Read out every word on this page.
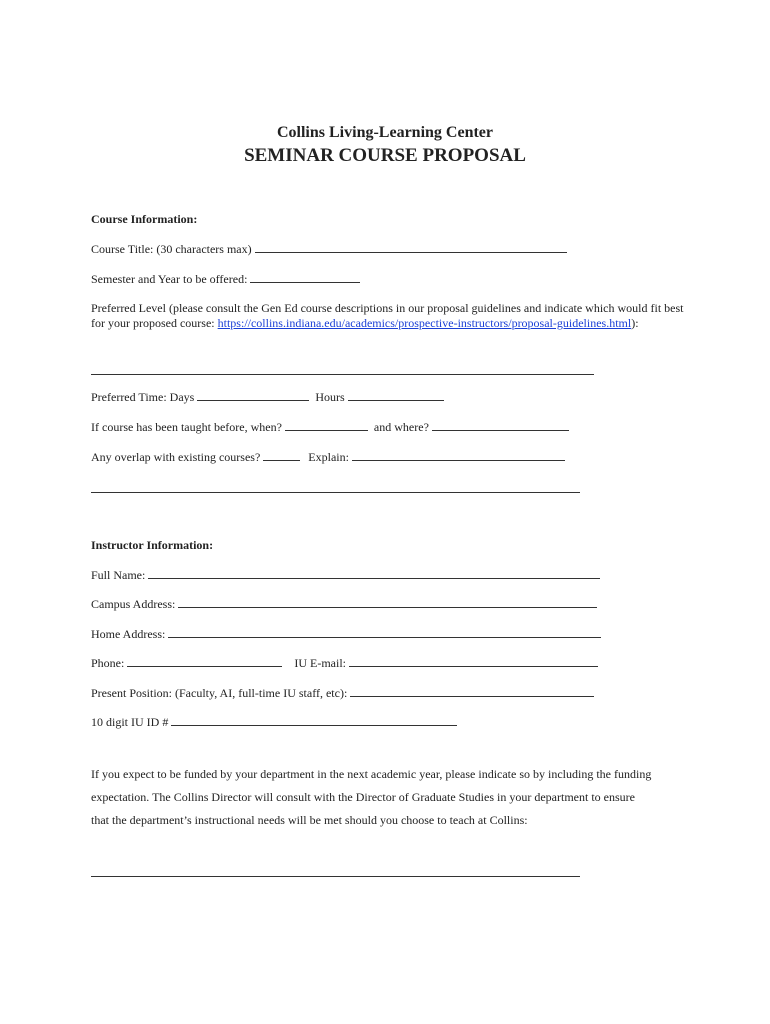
Collins Living-Learning Center
SEMINAR COURSE PROPOSAL
Course Information:
Course Title: (30 characters max)
Semester and Year to be offered:
Preferred Level (please consult the Gen Ed course descriptions in our proposal guidelines and indicate which would fit best for your proposed course: https://collins.indiana.edu/academics/prospective-instructors/proposal-guidelines.html):
Preferred Time: Days	Hours
If course has been taught before, when?	and where?
Any overlap with existing courses?	Explain:
Instructor Information:
Full Name:
Campus Address:
Home Address:
Phone:	IU E-mail:
Present Position: (Faculty, AI, full-time IU staff, etc):
10 digit IU ID #
If you expect to be funded by your department in the next academic year, please indicate so by including the funding
expectation. The Collins Director will consult with the Director of Graduate Studies in your department to ensure
that the department’s instructional needs will be met should you choose to teach at Collins:
